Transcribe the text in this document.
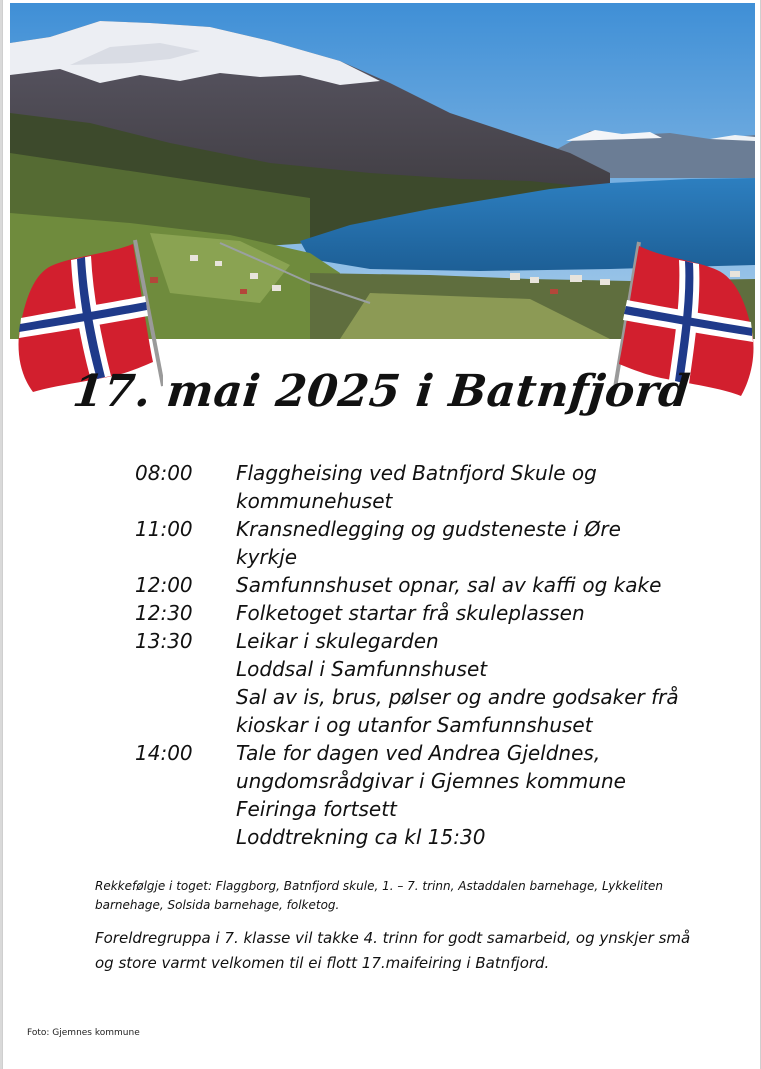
17. mai 2025 i Batnfjord
08:00	Flaggheising ved Batnfjord Skule og
kommunehuset
11:00	Kransnedlegging og gudsteneste i Øre
kyrkje
12:00	Samfunnshuset opnar, sal av kaffi og kake
12:30	Folketoget startar frå skuleplassen
13:30	Leikar i skulegarden
Loddsal i Samfunnshuset
Sal av is, brus, pølser og andre godsaker frå
kioskar i og utanfor Samfunnshuset
14:00	Tale for dagen ved Andrea Gjeldnes,
ungdomsrådgivar i Gjemnes kommune
Feiringa fortsett
Loddtrekning ca kl 15:30
Rekkefølgje i toget: Flaggborg, Batnfjord skule, 1. – 7. trinn, Astaddalen barnehage, Lykkeliten barnehage, Solsida barnehage, folketog.
Foreldregruppa i 7. klasse vil takke 4. trinn for godt samarbeid, og ynskjer små og store varmt velkomen til ei flott 17.maifeiring i Batnfjord.
Foto: Gjemnes kommune
